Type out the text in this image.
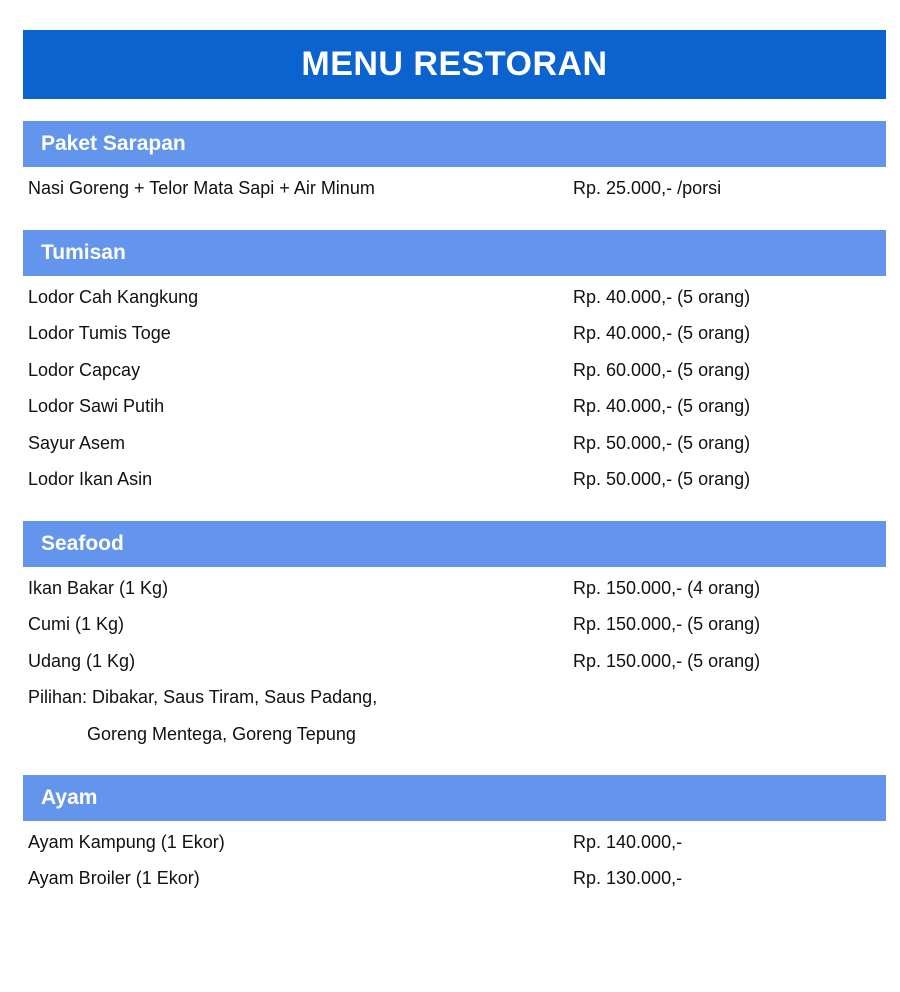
MENU RESTORAN
Paket Sarapan
Nasi Goreng + Telor Mata Sapi + Air Minum	Rp. 25.000,- /porsi
Tumisan
Lodor Cah Kangkung	Rp. 40.000,- (5 orang)
Lodor Tumis Toge	Rp. 40.000,- (5 orang)
Lodor Capcay	Rp. 60.000,- (5 orang)
Lodor Sawi Putih	Rp. 40.000,- (5 orang)
Sayur Asem	Rp. 50.000,- (5 orang)
Lodor Ikan Asin	Rp. 50.000,- (5 orang)
Seafood
Ikan Bakar (1 Kg)	Rp. 150.000,- (4 orang)
Cumi (1 Kg)	Rp. 150.000,- (5 orang)
Udang (1 Kg)	Rp. 150.000,- (5 orang)
Pilihan: Dibakar, Saus Tiram, Saus Padang,
Goreng Mentega, Goreng Tepung
Ayam
Ayam Kampung (1 Ekor)	Rp. 140.000,-
Ayam Broiler (1 Ekor)	Rp. 130.000,-
